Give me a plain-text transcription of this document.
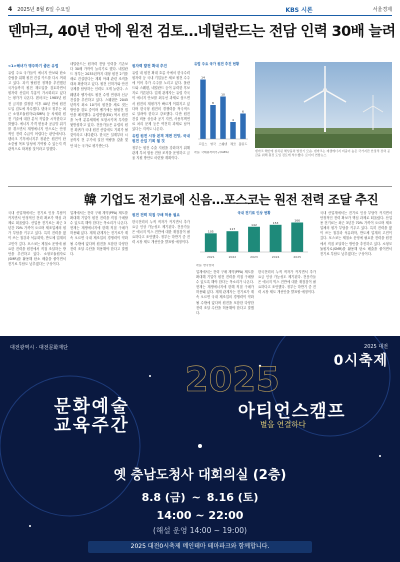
4 2025년 8월 6일 수요일	KBS 시론	서울경제
덴마크, 40년 만에 원전 검토…네덜란드는 전담 인력 30배 늘려
<1>해녀가 명주하기 좋은 유럽
유럽 주요 국가들이 에너지 안보와 탄소중립을 위해 원전 건설 카드를 다시 꺼내고 있다. 과거 탈원전 정책을 추진했던 국가들까지 원전 재도입을 검토하면서 원자력 산업의 부흥이 가시화되고 있다는 평가가 나온다. 덴마크는 1985년 원전 금지를 결정한 이후 40년 만에 원전 도입 검토에 착수했다. 덴마크 정부는 최근 소형모듈원자로(SMR) 등 차세대 원전 기술에 대한 분석 작업을 시작한다고 밝혔다. 에너지 가격 변동과 공급망 위기를 겪으면서 재생에너지 만으로는 안정적인 전력 수급이 어렵다는 판단에서다. 덴마크 기후에너지부 장관은 원전이 탄소중립 목표 달성에 기여할 수 있는지 객관적으로 따져볼 것이라고 말했다.
네덜란드는 원자력 전담 인력을 기존보다 30배 가까이 늘리기로 했다. 네덜란드 정부는 2035년까지 대형 원전 2기를 새로 건설한다는 계획 아래 관련 조직을 대폭 확충하고 있다. 원전 인허가와 안전 규제를 담당하는 인력도 크게 늘린다. 스웨덴과 벨기에도 원전 수명 연장과 신규 건설을 추진하고 있다. 스웨덴은 2045년까지 최소 10기의 원전을 새로 짓는 방안을 검토 중이며 벨기에는 탈원전 법안을 폐지했다. 유럽연합(EU) 역시 원전을 녹색 분류체계에 포함시키며 투자를 뒷받침하고 있다. 전문가들은 유럽의 원전 회귀가 국내 원전 산업에도 기회가 될 것이라고 내다봤다. 한국은 설계부터 시공까지 전 주기에 걸친 역량을 갖춘 몇 안 되는 국가로 평가받는다.
원자력 발전 확대 추진
유럽 내 원전 확대 흐름 속에서 한국수력원자력 등 국내 기업들은 체코 원전 수주에 이어 추가 수주를 노리고 있다. 폴란드와 스웨덴, 네덜란드 등이 유력한 후보지로 거론된다. 업계 관계자는 유럽 각국이 에너지 안보를 최우선 과제로 삼으면서 원전의 재평가가 빠르게 이뤄지고 있다며 한국형 원전의 경쟁력을 적극적으로 알려야 한다고 강조했다. 다만 원전 건설 비용 상승과 공기 지연, 사용후핵연료 처리 문제 등은 여전히 과제로 남아 있다는 지적도 나온다.
유럽 원전 시장 본격 재편 전망, 국내 원전 산업 기회 될 것
정부는 원전 수출 지원을 강화하기 위해 관계 부처 합동 전담 조직을 운영하고 금융 지원 방안도 마련할 계획이다.
유럽 주요 국가 원전 추진 현황
14
프랑스
8
영국
10
스웨덴
4
체코
6
폴란드
자료: 국제원자력기구(IAEA)	덴마크 해안에 설치된 해상풍력 발전기 모습. 덴마크는 재생에너지 비중이 높은 국가지만 안정적 전력 공급을 위해 원전 도입 검토에 착수했다. 로이터 연합뉴스
韓 기업도 전기료에 신음…포스코는 원전 전력 조달 추진
국내 산업계에서는 전기료 인상 부담이 커지면서 안정적인 전력 확보가 핵심 과제로 떠올랐다. 산업용 전기료는 최근 3년간 70% 가까이 오르며 제조업체의 원가 부담을 키우고 있다. 특히 전력을 많이 쓰는 철강과 석유화학, 반도체 업계의 고민이 깊다. 포스코는 제철소 운영에 필요한 전력을 원전에서 직접 조달하는 방안을 추진하고 있다. 소형모듈원자로(SMR)를 활용해 탄소 배출을 줄이면서 전기료 부담도 낮추겠다는 구상이다.
업계에서는 전력 구매 계약(PPA) 제도를 확대해 기업이 원전 전력을 직접 구매할 수 있도록 해야 한다는 목소리가 나온다. 현재는 재생에너지에 한해 직접 구매가 허용돼 있다. 재계 관계자는 전기료가 계속 오르면 국내 제조업의 경쟁력이 약화될 수밖에 없다며 원전을 포함한 다양한 전력 조달 수단을 허용해야 한다고 말했다.
원전 전력 직접 구매 허용 필요
한국전력의 누적 적자가 커지면서 추가 요금 인상 가능성도 제기된다. 전문가들은 에너지 믹스 전반에 대한 재점검이 필요하다고 조언했다. 정부는 하반기 중 전력 시장 제도 개선안을 발표할 예정이다.
국내 전기료 인상 현황
105
2021
117
2022
142
2023
153
2024
166
2025
자료: 한국전력
업계에서는 전력 구매 계약(PPA) 제도를 확대해 기업이 원전 전력을 직접 구매할 수 있도록 해야 한다는 목소리가 나온다. 현재는 재생에너지에 한해 직접 구매가 허용돼 있다. 재계 관계자는 전기료가 계속 오르면 국내 제조업의 경쟁력이 약화될 수밖에 없다며 원전을 포함한 다양한 전력 조달 수단을 허용해야 한다고 말했다.
한국전력의 누적 적자가 커지면서 추가 요금 인상 가능성도 제기된다. 전문가들은 에너지 믹스 전반에 대한 재점검이 필요하다고 조언했다. 정부는 하반기 중 전력 시장 제도 개선안을 발표할 예정이다.
국내 산업계에서는 전기료 인상 부담이 커지면서 안정적인 전력 확보가 핵심 과제로 떠올랐다. 산업용 전기료는 최근 3년간 70% 가까이 오르며 제조업체의 원가 부담을 키우고 있다. 특히 전력을 많이 쓰는 철강과 석유화학, 반도체 업계의 고민이 깊다. 포스코는 제철소 운영에 필요한 전력을 원전에서 직접 조달하는 방안을 추진하고 있다. 소형모듈원자로(SMR)를 활용해 탄소 배출을 줄이면서 전기료 부담도 낮추겠다는 구상이다.
2025
대전광역시 · 대전문화재단	2025 대전
0시축제
문화예술
교육주간
아티언스캠프
별을 연결하다
옛 충남도청사 대회의실 (2층)
8.8 (금) ~ 8.16 (토)
14:00 ~ 22:00
(해설 운영 14:00 ~ 19:00)
2025 대전0시축제 메인테마 테마파크와 함께합니다.
